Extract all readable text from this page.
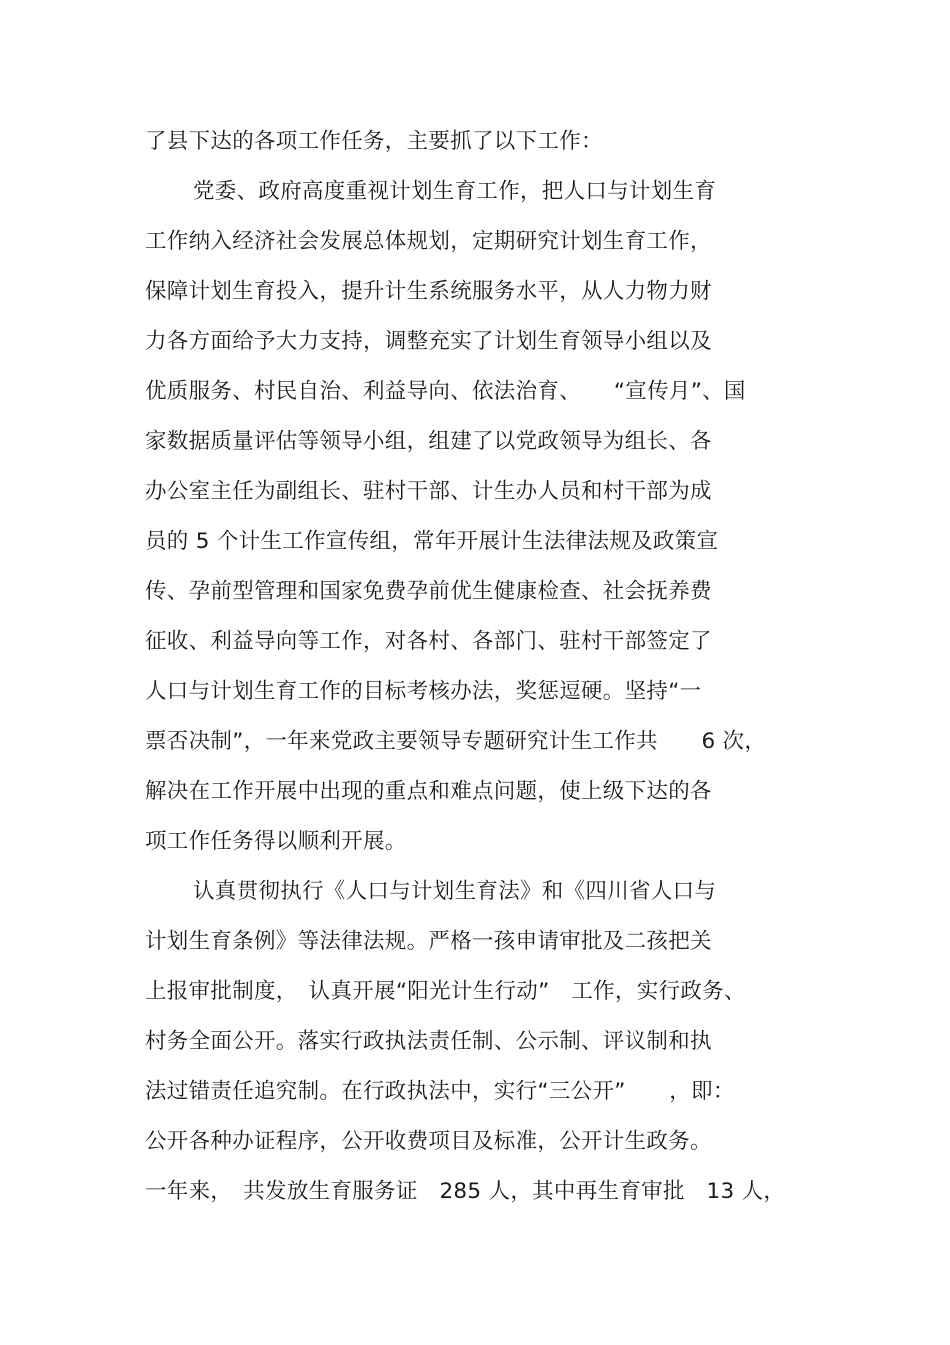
了县下达的各项工作任务，主要抓了以下工作：
党委、政府高度重视计划生育工作，把人口与计划生育
工作纳入经济社会发展总体规划，定期研究计划生育工作，
保障计划生育投入，提升计生系统服务水平，从人力物力财
力各方面给予大力支持，调整充实了计划生育领导小组以及
优质服务、村民自治、利益导向、依法治育、　　“宣传月”、国
家数据质量评估等领导小组，组建了以党政领导为组长、各
办公室主任为副组长、驻村干部、计生办人员和村干部为成
员的 5 个计生工作宣传组，常年开展计生法律法规及政策宣
传、孕前型管理和国家免费孕前优生健康检查、社会抚养费
征收、利益导向等工作，对各村、各部门、驻村干部签定了
人口与计划生育工作的目标考核办法，奖惩逗硬。坚持“一
票否决制”，一年来党政主要领导专题研究计生工作共　　6 次，
解决在工作开展中出现的重点和难点问题，使上级下达的各
项工作任务得以顺利开展。
认真贯彻执行《人口与计划生育法》和《四川省人口与
计划生育条例》等法律法规。严格一孩申请审批及二孩把关
上报审批制度，　认真开展“阳光计生行动”　工作，实行政务、
村务全面公开。落实行政执法责任制、公示制、评议制和执
法过错责任追究制。在行政执法中，实行“三公开”　　，即：
公开各种办证程序，公开收费项目及标准，公开计生政务。
一年来，　共发放生育服务证　285 人，其中再生育审批　13 人，
